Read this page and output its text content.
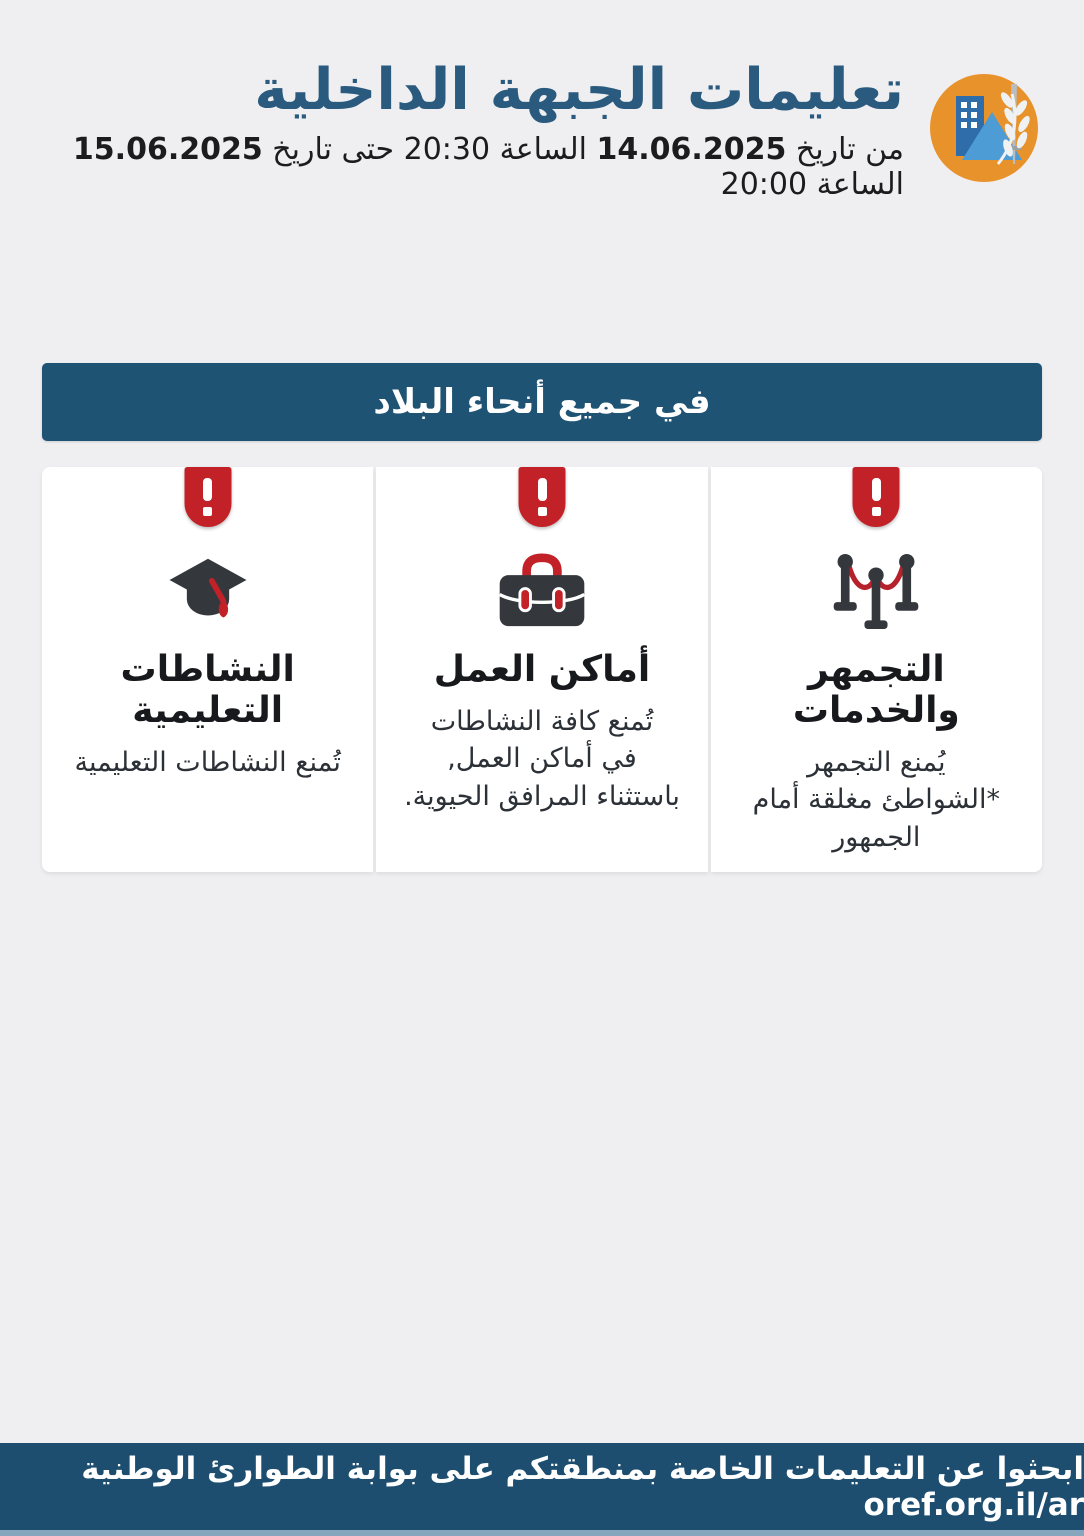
تعليمات الجبهة الداخلية

من تاريخ 14.06.2025 الساعة 20:30 حتى تاريخ 15.06.2025 الساعة 20:00

في جميع أنحاء البلاد
التجمهر والخدمات

يُمنع التجمهر
*الشواطئ مغلقة أمام الجمهور

أماكن العمل

تُمنع كافة النشاطات
في أماكن العمل,
باستثناء المرافق الحيوية.

النشاطات التعليمية

تُمنع النشاطات التعليمية

ابحثوا عن التعليمات الخاصة بمنطقتكم على بوابة الطوارئ الوطنية oref.org.il/ar
